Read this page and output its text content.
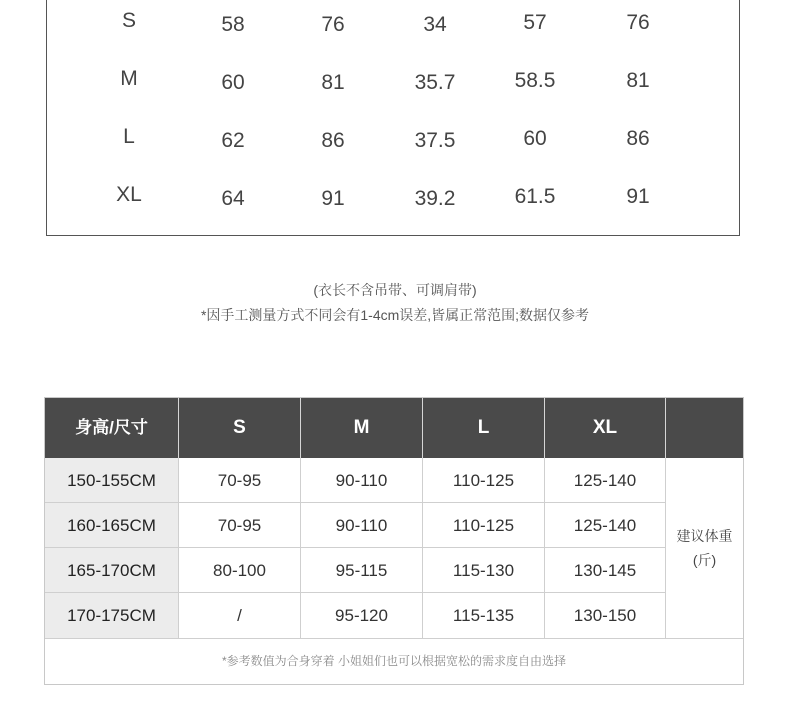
S	58	76	34	57	76
M	60	81	35.7	58.5	81
L	62	86	37.5	60	86
XL	64	91	39.2	61.5	91
(衣长不含吊带、可调肩带)
*因手工测量方式不同会有1-4cm误差,皆属正常范围;数据仅参考
身高/尺寸	S	M	L	XL
150-155CM	70-95	90-110	110-125	125-140
160-165CM	70-95	90-110	110-125	125-140
165-170CM	80-100	95-115	115-130	130-145
170-175CM	/	95-120	115-135	130-150
建议体重
(斤)
*参考数值为合身穿着 小姐姐们也可以根据宽松的需求度自由选择
